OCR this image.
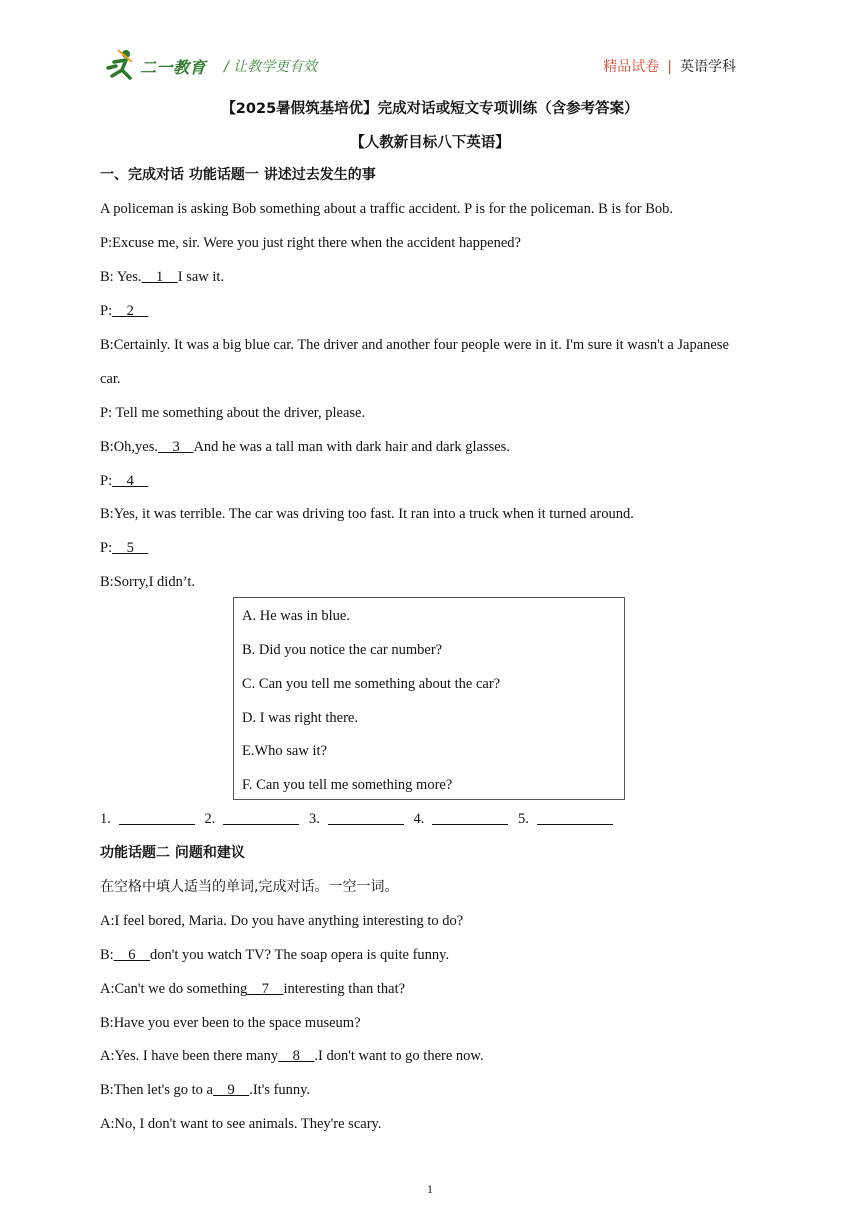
二一教育 / 让教学更有效	精品试卷 | 英语学科
【2025暑假筑基培优】完成对话或短文专项训练（含参考答案）
【人教新目标八下英语】
一、完成对话 功能话题一 讲述过去发生的事
A policeman is asking Bob something about a traffic accident. P is for the policeman. B is for Bob.
P:Excuse me, sir. Were you just right there when the accident happened?
B: Yes.    1    I saw it.
P:    2
B:Certainly. It was a big blue car. The driver and another four people were in it. I'm sure it wasn't a Japanese
car.
P: Tell me something about the driver, please.
B:Oh,yes.    3    And he was a tall man with dark hair and dark glasses.
P:    4
B:Yes, it was terrible. The car was driving too fast. It ran into a truck when it turned around.
P:    5
B:Sorry,I didn’t.
A. He was in blue.
B. Did you notice the car number?
C. Can you tell me something about the car?
D. I was right there.
E.Who saw it?
F. Can you tell me something more?
1.	2.	3.	4.	5.
功能话题二 问题和建议
在空格中填人适当的单词,完成对话。一空一词。
A:I feel bored, Maria. Do you have anything interesting to do?
B:    6    don't you watch TV? The soap opera is quite funny.
A:Can't we do something    7    interesting than that?
B:Have you ever been to the space museum?
A:Yes. I have been there many    8    .I don't want to go there now.
B:Then let's go to a    9    .It's funny.
A:No, I don't want to see animals. They're scary.
1
